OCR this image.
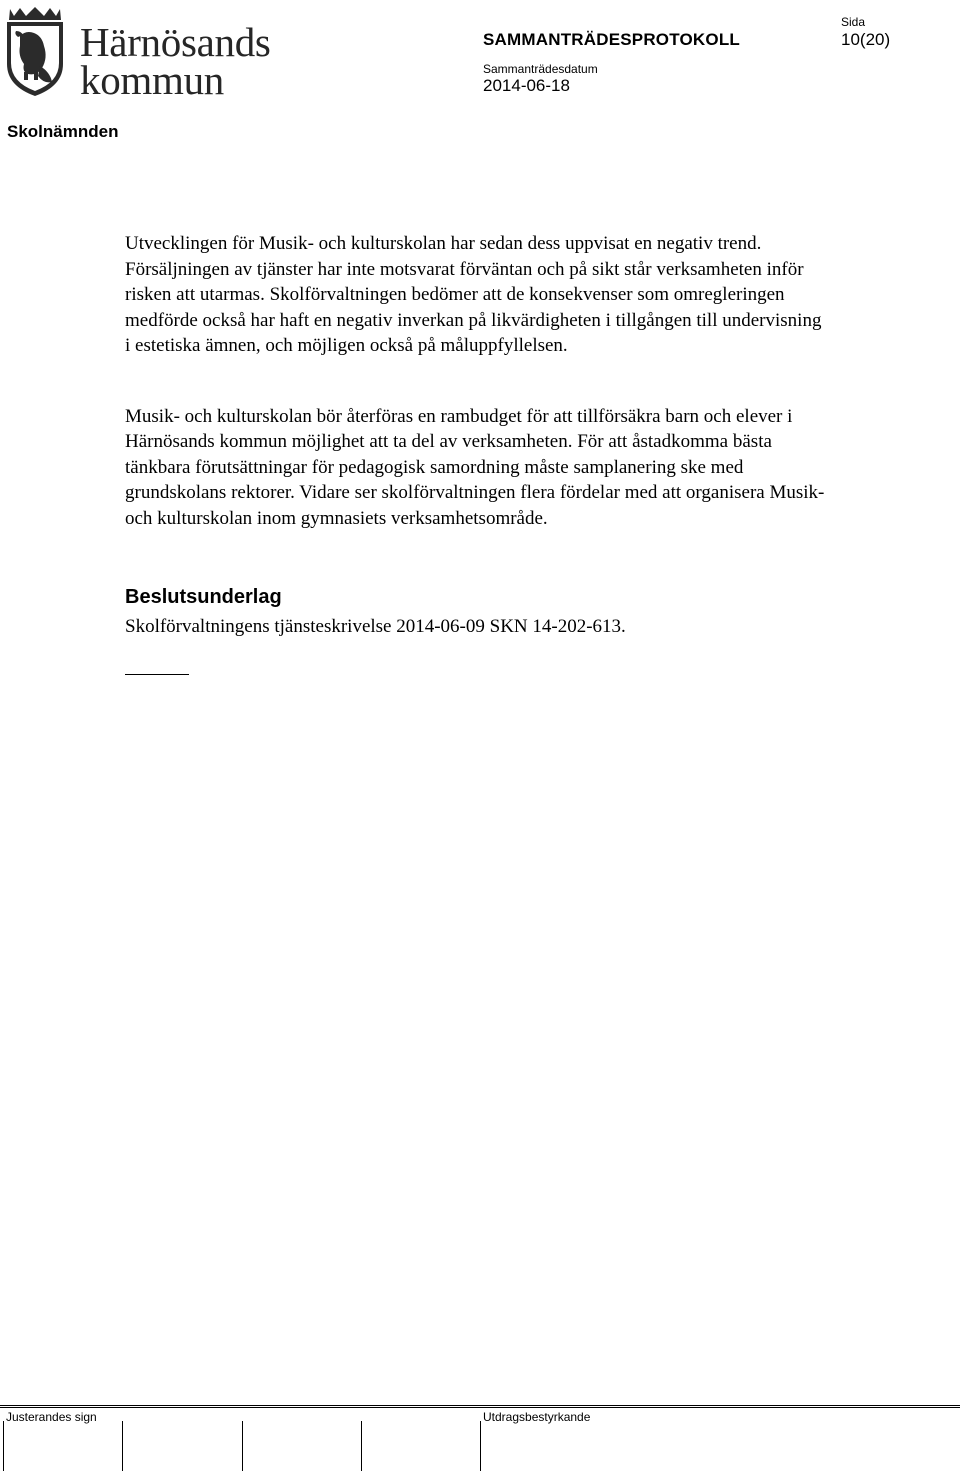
Härnösands
kommun
SAMMANTRÄDESPROTOKOLL
Sida
10(20)
Sammanträdesdatum
2014-06-18
Skolnämnden

Utvecklingen för Musik- och kulturskolan har sedan dess uppvisat en negativ trend. Försäljningen av tjänster har inte motsvarat förväntan och på sikt står verksamheten inför risken att utarmas. Skolförvaltningen bedömer att de konsekvenser som omregleringen medförde också har haft en negativ inverkan på likvärdigheten i tillgången till undervisning i estetiska ämnen, och möjligen också på måluppfyllelsen.

Musik- och kulturskolan bör återföras en rambudget för att tillförsäkra barn och elever i Härnösands kommun möjlighet att ta del av verksamheten. För att åstadkomma bästa tänkbara förutsättningar för pedagogisk samordning måste samplanering ske med grundskolans rektorer. Vidare ser skolförvaltningen flera fördelar med att organisera Musik- och kulturskolan inom gymnasiets verksamhetsområde.

Beslutsunderlag

Skolförvaltningens tjänsteskrivelse 2014-06-09 SKN 14-202-613.

Justerandes sign	Utdragsbestyrkande
